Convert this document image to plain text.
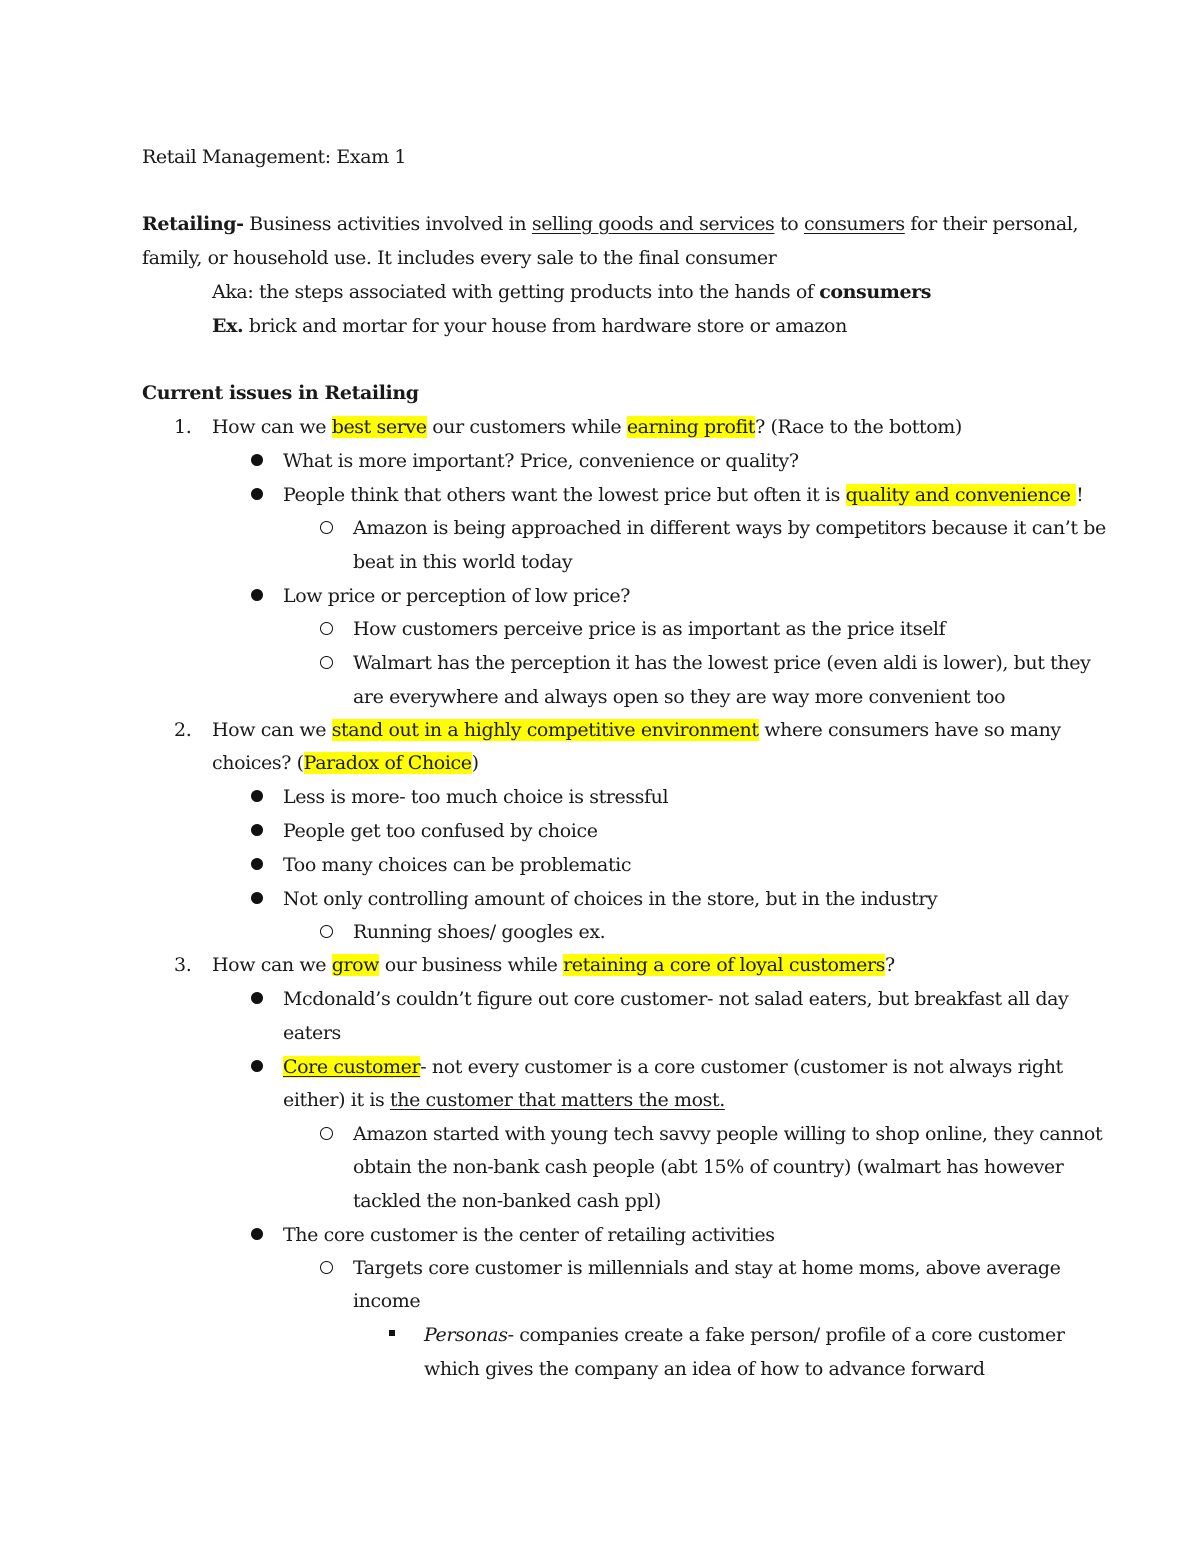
Retail Management: Exam 1
Retailing- Business activities involved in selling goods and services to consumers for their personal,
family, or household use. It includes every sale to the final consumer
Aka: the steps associated with getting products into the hands of consumers
Ex. brick and mortar for your house from hardware store or amazon
Current issues in Retailing
1. How can we best serve our customers while earning profit? (Race to the bottom)
What is more important? Price, convenience or quality?
People think that others want the lowest price but often it is quality and convenience !
Amazon is being approached in different ways by competitors because it can’t be
beat in this world today
Low price or perception of low price?
How customers perceive price is as important as the price itself
Walmart has the perception it has the lowest price (even aldi is lower), but they
are everywhere and always open so they are way more convenient too
2. How can we stand out in a highly competitive environment where consumers have so many
choices? (Paradox of Choice)
Less is more- too much choice is stressful
People get too confused by choice
Too many choices can be problematic
Not only controlling amount of choices in the store, but in the industry
Running shoes/ googles ex.
3. How can we grow our business while retaining a core of loyal customers?
Mcdonald’s couldn’t figure out core customer- not salad eaters, but breakfast all day
eaters
Core customer- not every customer is a core customer (customer is not always right
either) it is the customer that matters the most.
Amazon started with young tech savvy people willing to shop online, they cannot
obtain the non-bank cash people (abt 15% of country) (walmart has however
tackled the non-banked cash ppl)
The core customer is the center of retailing activities
Targets core customer is millennials and stay at home moms, above average
income
Personas- companies create a fake person/ profile of a core customer
which gives the company an idea of how to advance forward
